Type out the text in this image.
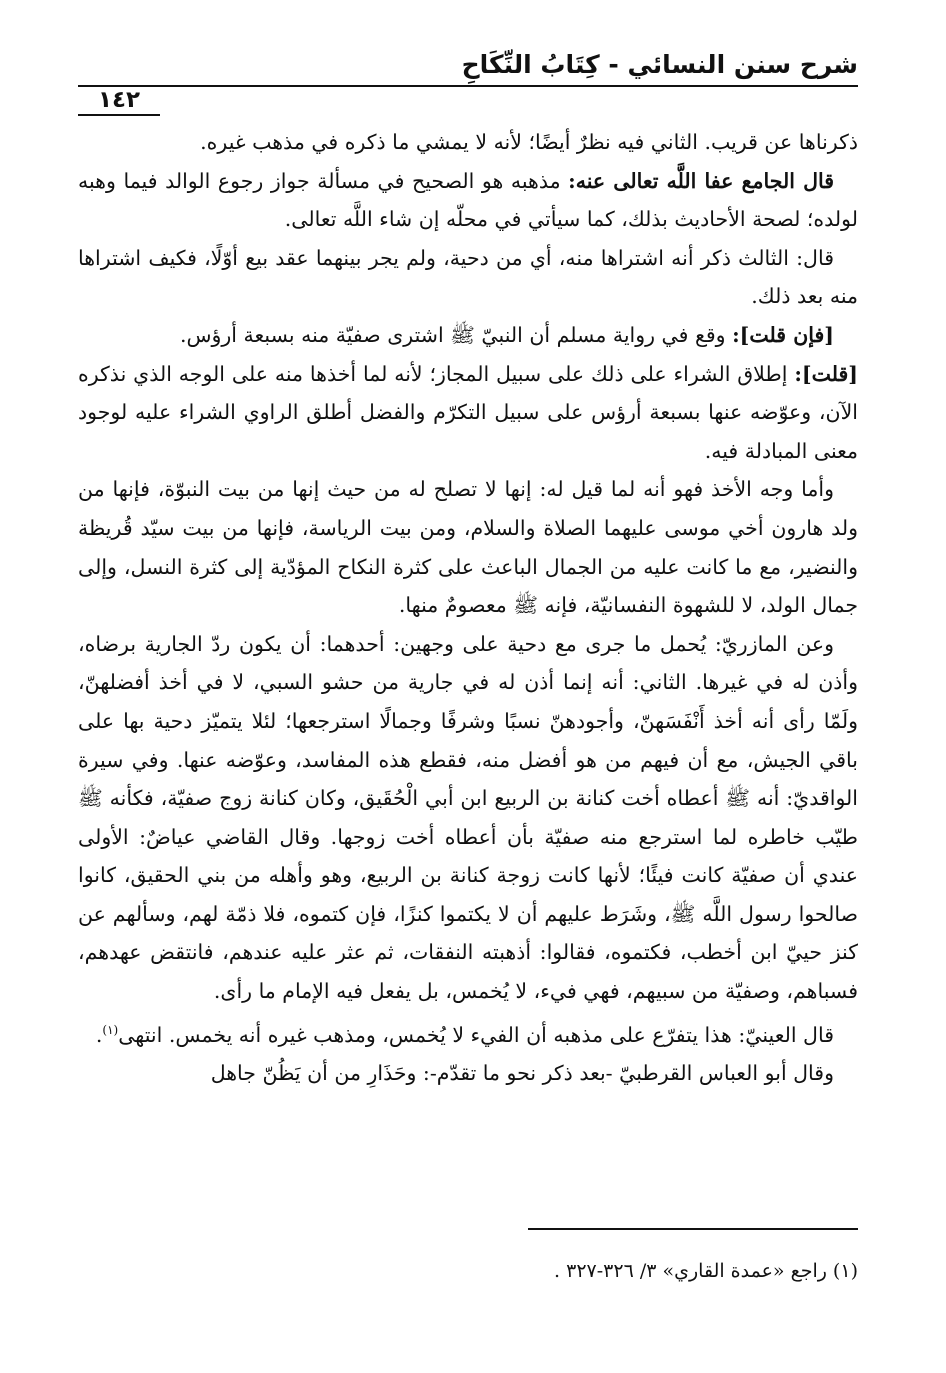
شرح سنن النسائي - كِتَابُ النِّكَاحِ
١٤٢

ذكرناها عن قريب. الثاني فيه نظرٌ أيضًا؛ لأنه لا يمشي ما ذكره في مذهب غيره.

قال الجامع عفا اللَّه تعالى عنه: مذهبه هو الصحيح في مسألة جواز رجوع الوالد فيما وهبه لولده؛ لصحة الأحاديث بذلك، كما سيأتي في محلّه إن شاء اللَّه تعالى.

قال: الثالث ذكر أنه اشتراها منه، أي من دحية، ولم يجر بينهما عقد بيع أوّلًا، فكيف اشتراها منه بعد ذلك.

[فإن قلت]: وقع في رواية مسلم أن النبيّ ﷺ اشترى صفيّة منه بسبعة أرؤس.

[قلت]: إطلاق الشراء على ذلك على سبيل المجاز؛ لأنه لما أخذها منه على الوجه الذي نذكره الآن، وعوّضه عنها بسبعة أرؤس على سبيل التكرّم والفضل أطلق الراوي الشراء عليه لوجود معنى المبادلة فيه.

وأما وجه الأخذ فهو أنه لما قيل له: إنها لا تصلح له من حيث إنها من بيت النبوّة، فإنها من ولد هارون أخي موسى عليهما الصلاة والسلام، ومن بيت الرياسة، فإنها من بيت سيّد قُريظة والنضير، مع ما كانت عليه من الجمال الباعث على كثرة النكاح المؤدّية إلى كثرة النسل، وإلى جمال الولد، لا للشهوة النفسانيّة، فإنه ﷺ معصومٌ منها.

وعن المازريّ: يُحمل ما جرى مع دحية على وجهين: أحدهما: أن يكون ردّ الجارية برضاه، وأذن له في غيرها. الثاني: أنه إنما أذن له في جارية من حشو السبي، لا في أخذ أفضلهنّ، ولَمّا رأى أنه أخذ أَنْفَسَهنّ، وأجودهنّ نسبًا وشرفًا وجمالًا استرجعها؛ لئلا يتميّز دحية بها على باقي الجيش، مع أن فيهم من هو أفضل منه، فقطع هذه المفاسد، وعوّضه عنها. وفي سيرة الواقديّ: أنه ﷺ أعطاه أخت كنانة بن الربيع ابن أبي الْحُقَيق، وكان كنانة زوج صفيّة، فكأنه ﷺ طيّب خاطره لما استرجع منه صفيّة بأن أعطاه أخت زوجها. وقال القاضي عياضٌ: الأولى عندي أن صفيّة كانت فيئًا؛ لأنها كانت زوجة كنانة بن الربيع، وهو وأهله من بني الحقيق، كانوا صالحوا رسول اللَّه ﷺ، وشَرَط عليهم أن لا يكتموا كنزًا، فإن كتموه، فلا ذمّة لهم، وسألهم عن كنز حييّ ابن أخطب، فكتموه، فقالوا: أذهبته النفقات، ثم عثر عليه عندهم، فانتقض عهدهم، فسباهم، وصفيّة من سبيهم، فهي فيء، لا يُخمس، بل يفعل فيه الإمام ما رأى.

قال العينيّ: هذا يتفرّع على مذهبه أن الفيء لا يُخمس، ومذهب غيره أنه يخمس. انتهى$^{(١)}$.

وقال أبو العباس القرطبيّ -بعد ذكر نحو ما تقدّم-: وحَذَارِ من أن يَظُنّ جاهل

(١) راجع «عمدة القاري» ٣/ ٣٢٦-٣٢٧ .
